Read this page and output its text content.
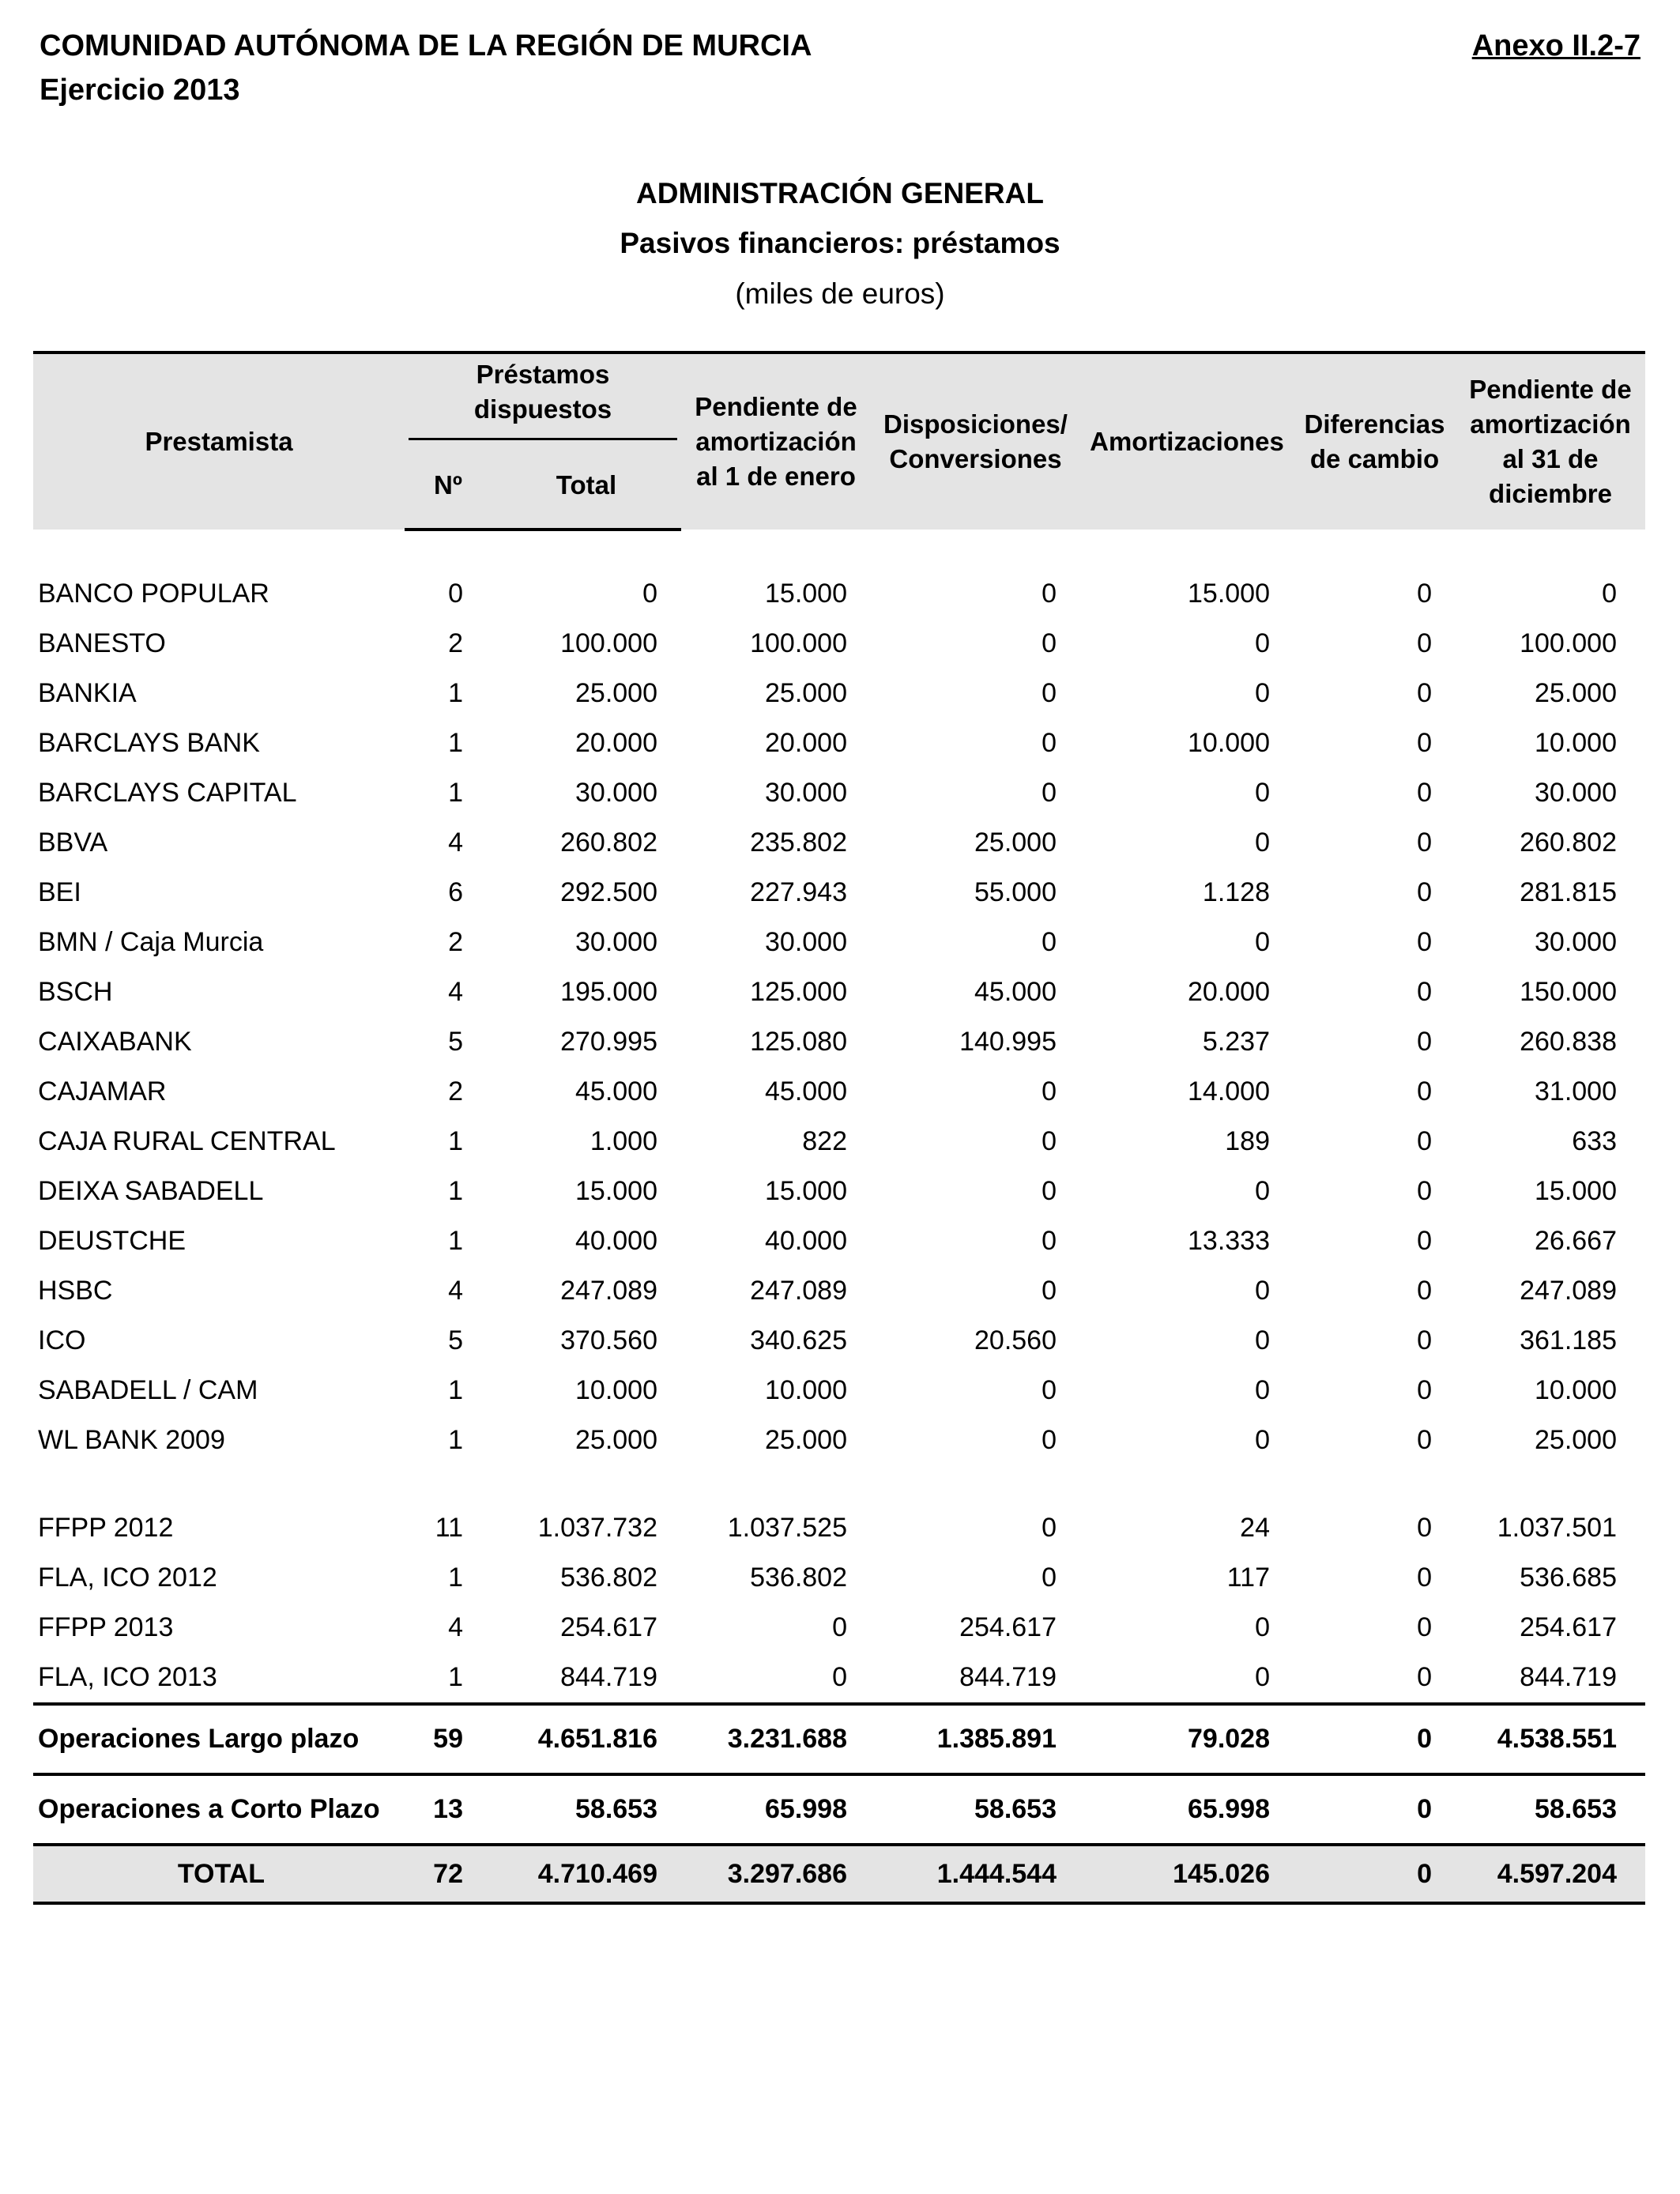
COMUNIDAD AUTÓNOMA DE LA REGIÓN DE MURCIA
Ejercicio 2013
Anexo II.2-7
ADMINISTRACIÓN GENERAL
Pasivos financieros: préstamos
(miles de euros)
Prestamista	Préstamos dispuestos		Pendiente de amortización al 1 de enero	Disposiciones/ Conversiones	Amortizaciones	Diferencias de cambio	Pendiente de amortización al 31 de diciembre
	Nº	Total					

BANCO POPULAR	0	0	15.000	0	15.000	0	0
BANESTO	2	100.000	100.000	0	0	0	100.000
BANKIA	1	25.000	25.000	0	0	0	25.000
BARCLAYS BANK	1	20.000	20.000	0	10.000	0	10.000
BARCLAYS CAPITAL	1	30.000	30.000	0	0	0	30.000
BBVA	4	260.802	235.802	25.000	0	0	260.802
BEI	6	292.500	227.943	55.000	1.128	0	281.815
BMN / Caja Murcia	2	30.000	30.000	0	0	0	30.000
BSCH	4	195.000	125.000	45.000	20.000	0	150.000
CAIXABANK	5	270.995	125.080	140.995	5.237	0	260.838
CAJAMAR	2	45.000	45.000	0	14.000	0	31.000
CAJA RURAL CENTRAL	1	1.000	822	0	189	0	633
DEIXA SABADELL	1	15.000	15.000	0	0	0	15.000
DEUSTCHE	1	40.000	40.000	0	13.333	0	26.667
HSBC	4	247.089	247.089	0	0	0	247.089
ICO	5	370.560	340.625	20.560	0	0	361.185
SABADELL / CAM	1	10.000	10.000	0	0	0	10.000
WL BANK 2009	1	25.000	25.000	0	0	0	25.000

FFPP 2012	11	1.037.732	1.037.525	0	24	0	1.037.501
FLA, ICO 2012	1	536.802	536.802	0	117	0	536.685
FFPP 2013	4	254.617	0	254.617	0	0	254.617
FLA, ICO 2013	1	844.719	0	844.719	0	0	844.719
Operaciones Largo plazo	59	4.651.816	3.231.688	1.385.891	79.028	0	4.538.551
Operaciones a Corto Plazo	13	58.653	65.998	58.653	65.998	0	58.653
TOTAL	72	4.710.469	3.297.686	1.444.544	145.026	0	4.597.204
